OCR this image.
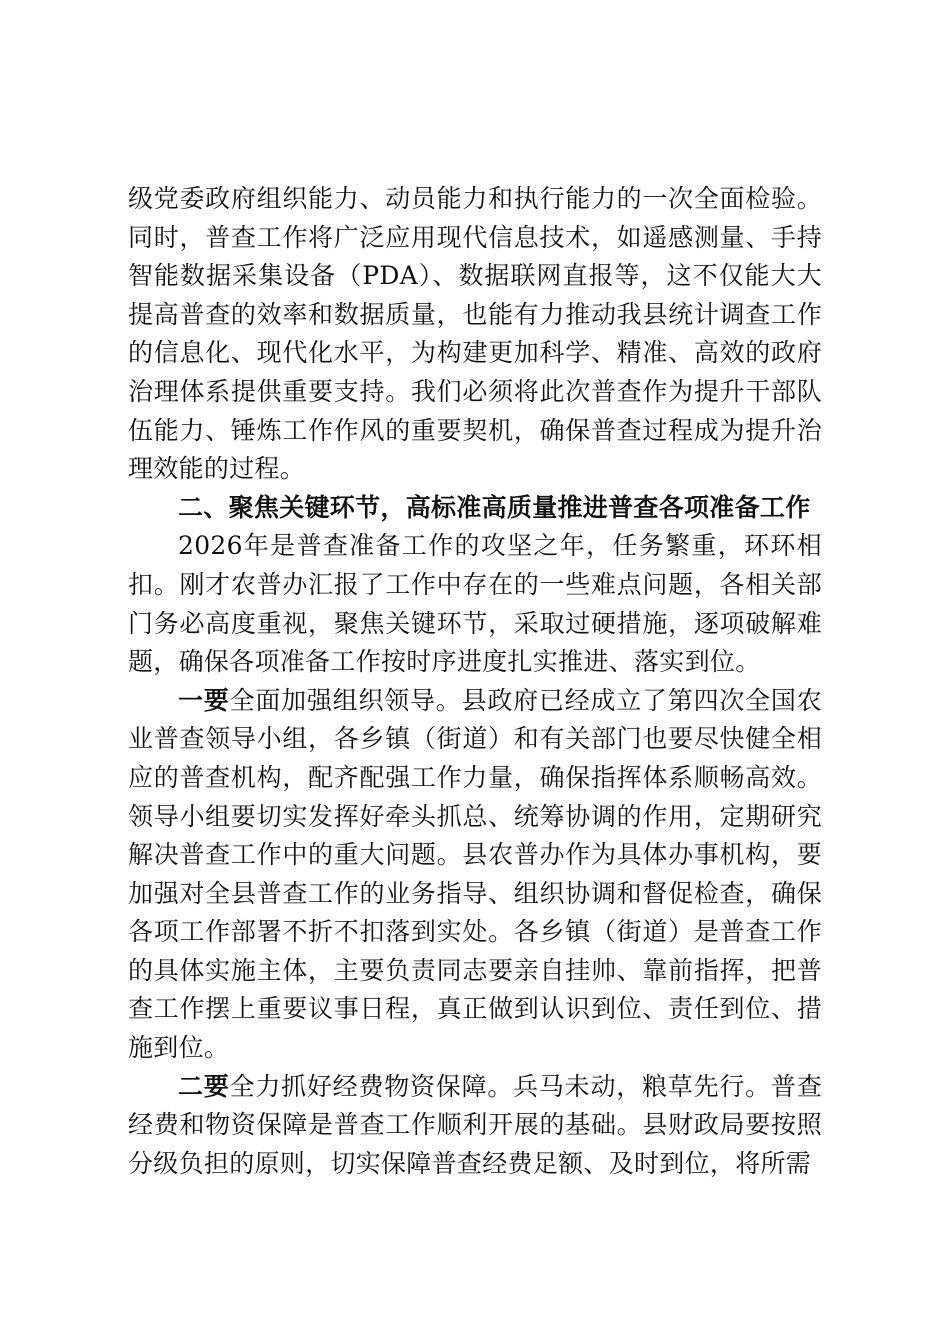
级党委政府组织能力、动员能力和执行能力的一次全面检验。同时，普查工作将广泛应用现代信息技术，如遥感测量、手持智能数据采集设备（PDA）、数据联网直报等，这不仅能大大提高普查的效率和数据质量，也能有力推动我县统计调查工作的信息化、现代化水平，为构建更加科学、精准、高效的政府治理体系提供重要支持。我们必须将此次普查作为提升干部队伍能力、锤炼工作作风的重要契机，确保普查过程成为提升治理效能的过程。

二、聚焦关键环节，高标准高质量推进普查各项准备工作

2026年是普查准备工作的攻坚之年，任务繁重，环环相扣。刚才农普办汇报了工作中存在的一些难点问题，各相关部门务必高度重视，聚焦关键环节，采取过硬措施，逐项破解难题，确保各项准备工作按时序进度扎实推进、落实到位。

一要全面加强组织领导。县政府已经成立了第四次全国农业普查领导小组，各乡镇（街道）和有关部门也要尽快健全相应的普查机构，配齐配强工作力量，确保指挥体系顺畅高效。领导小组要切实发挥好牵头抓总、统筹协调的作用，定期研究解决普查工作中的重大问题。县农普办作为具体办事机构，要加强对全县普查工作的业务指导、组织协调和督促检查，确保各项工作部署不折不扣落到实处。各乡镇（街道）是普查工作的具体实施主体，主要负责同志要亲自挂帅、靠前指挥，把普查工作摆上重要议事日程，真正做到认识到位、责任到位、措施到位。

二要全力抓好经费物资保障。兵马未动，粮草先行。普查经费和物资保障是普查工作顺利开展的基础。县财政局要按照分级负担的原则，切实保障普查经费足额、及时到位，将所需
